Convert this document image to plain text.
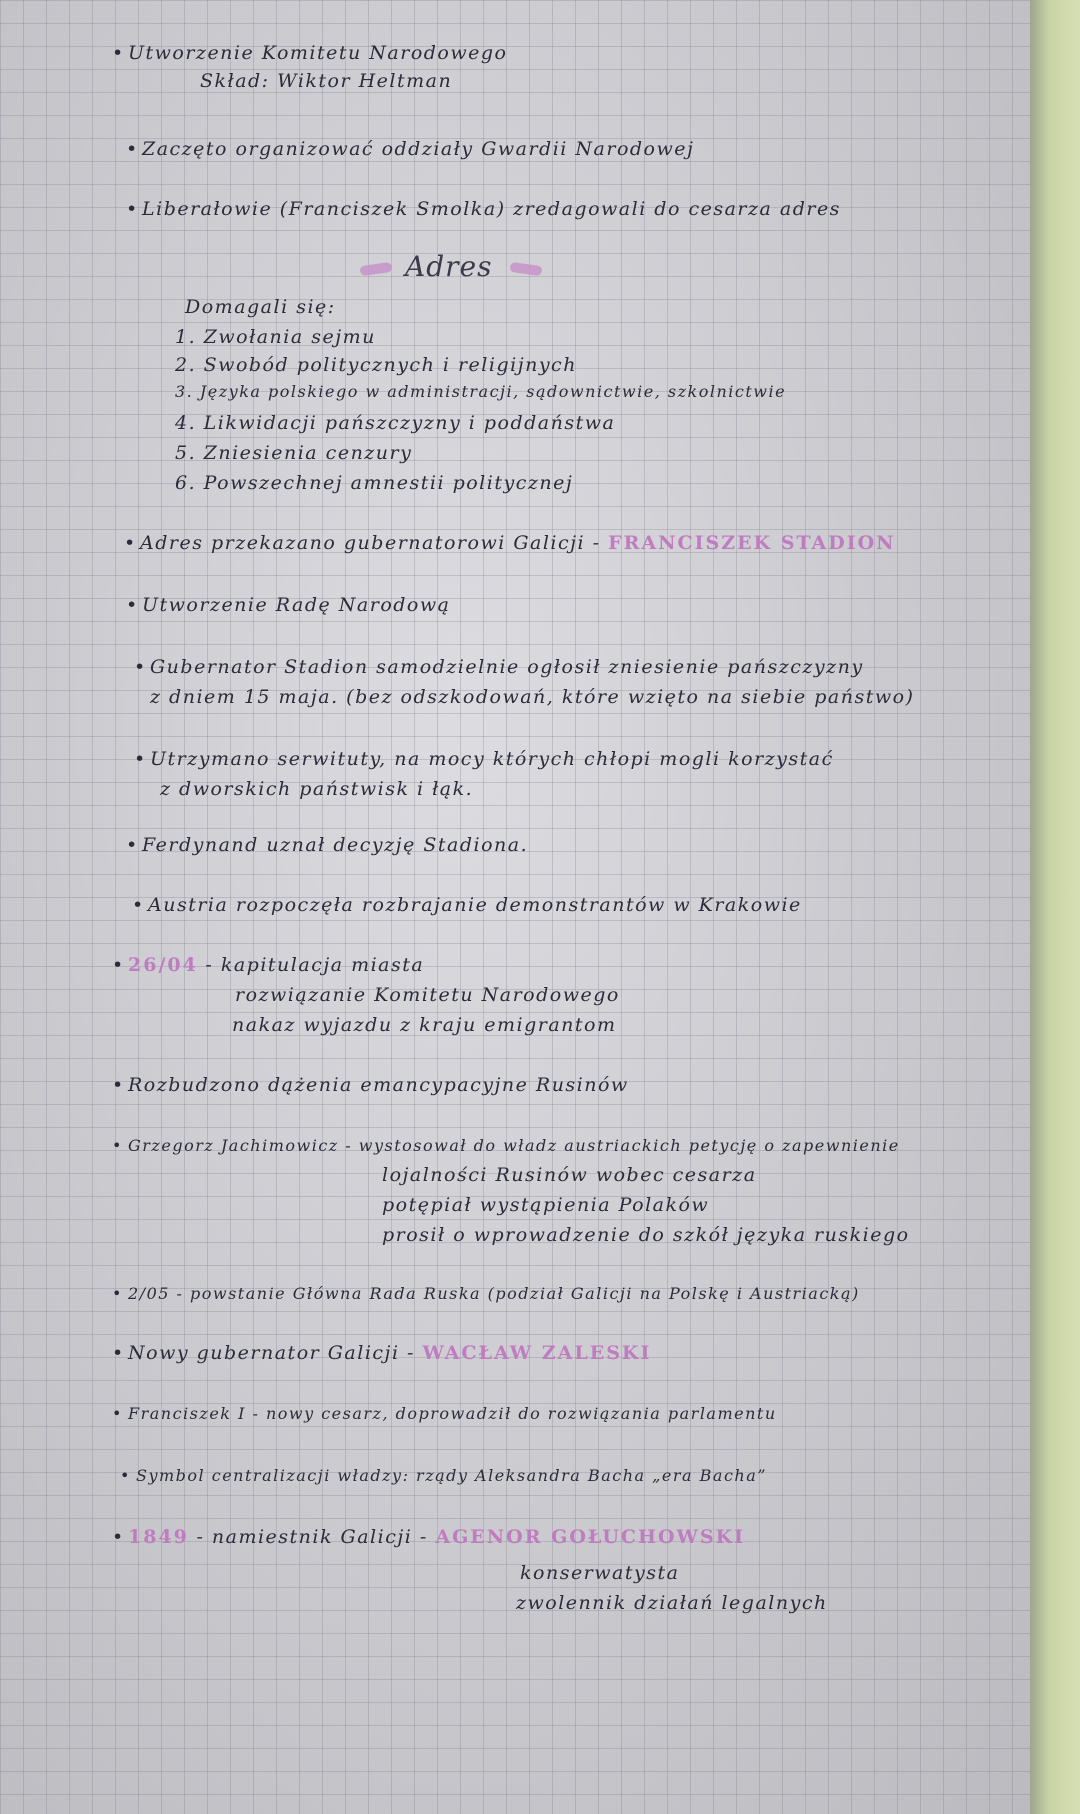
• Utworzenie Komitetu Narodowego
Skład: Wiktor Heltman
• Zaczęto organizować oddziały Gwardii Narodowej
• Liberałowie (Franciszek Smolka) zredagowali do cesarza adres
Adres
Domagali się:
1. Zwołania sejmu
2. Swobód politycznych i religijnych
3. Języka polskiego w administracji, sądownictwie, szkolnictwie
4. Likwidacji pańszczyzny i poddaństwa
5. Zniesienia cenzury
6. Powszechnej amnestii politycznej
• Adres przekazano gubernatorowi Galicji - FRANCISZEK STADION
• Utworzenie Radę Narodową
• Gubernator Stadion samodzielnie ogłosił zniesienie pańszczyzny
z dniem 15 maja. (bez odszkodowań, które wzięto na siebie państwo)
• Utrzymano serwituty, na mocy których chłopi mogli korzystać
z dworskich państwisk i łąk.
• Ferdynand uznał decyzję Stadiona.
• Austria rozpoczęła rozbrajanie demonstrantów w Krakowie
• 26/04 - kapitulacja miasta
rozwiązanie Komitetu Narodowego
nakaz wyjazdu z kraju emigrantom
• Rozbudzono dążenia emancypacyjne Rusinów
• Grzegorz Jachimowicz - wystosował do władz austriackich petycję o zapewnienie
lojalności Rusinów wobec cesarza
potępiał wystąpienia Polaków
prosił o wprowadzenie do szkół języka ruskiego
• 2/05 - powstanie Główna Rada Ruska (podział Galicji na Polskę i Austriacką)
• Nowy gubernator Galicji - WACŁAW ZALESKI
• Franciszek I - nowy cesarz, doprowadził do rozwiązania parlamentu
• Symbol centralizacji władzy: rządy Aleksandra Bacha „era Bacha”
• 1849 - namiestnik Galicji - AGENOR GOŁUCHOWSKI
konserwatysta
zwolennik działań legalnych
